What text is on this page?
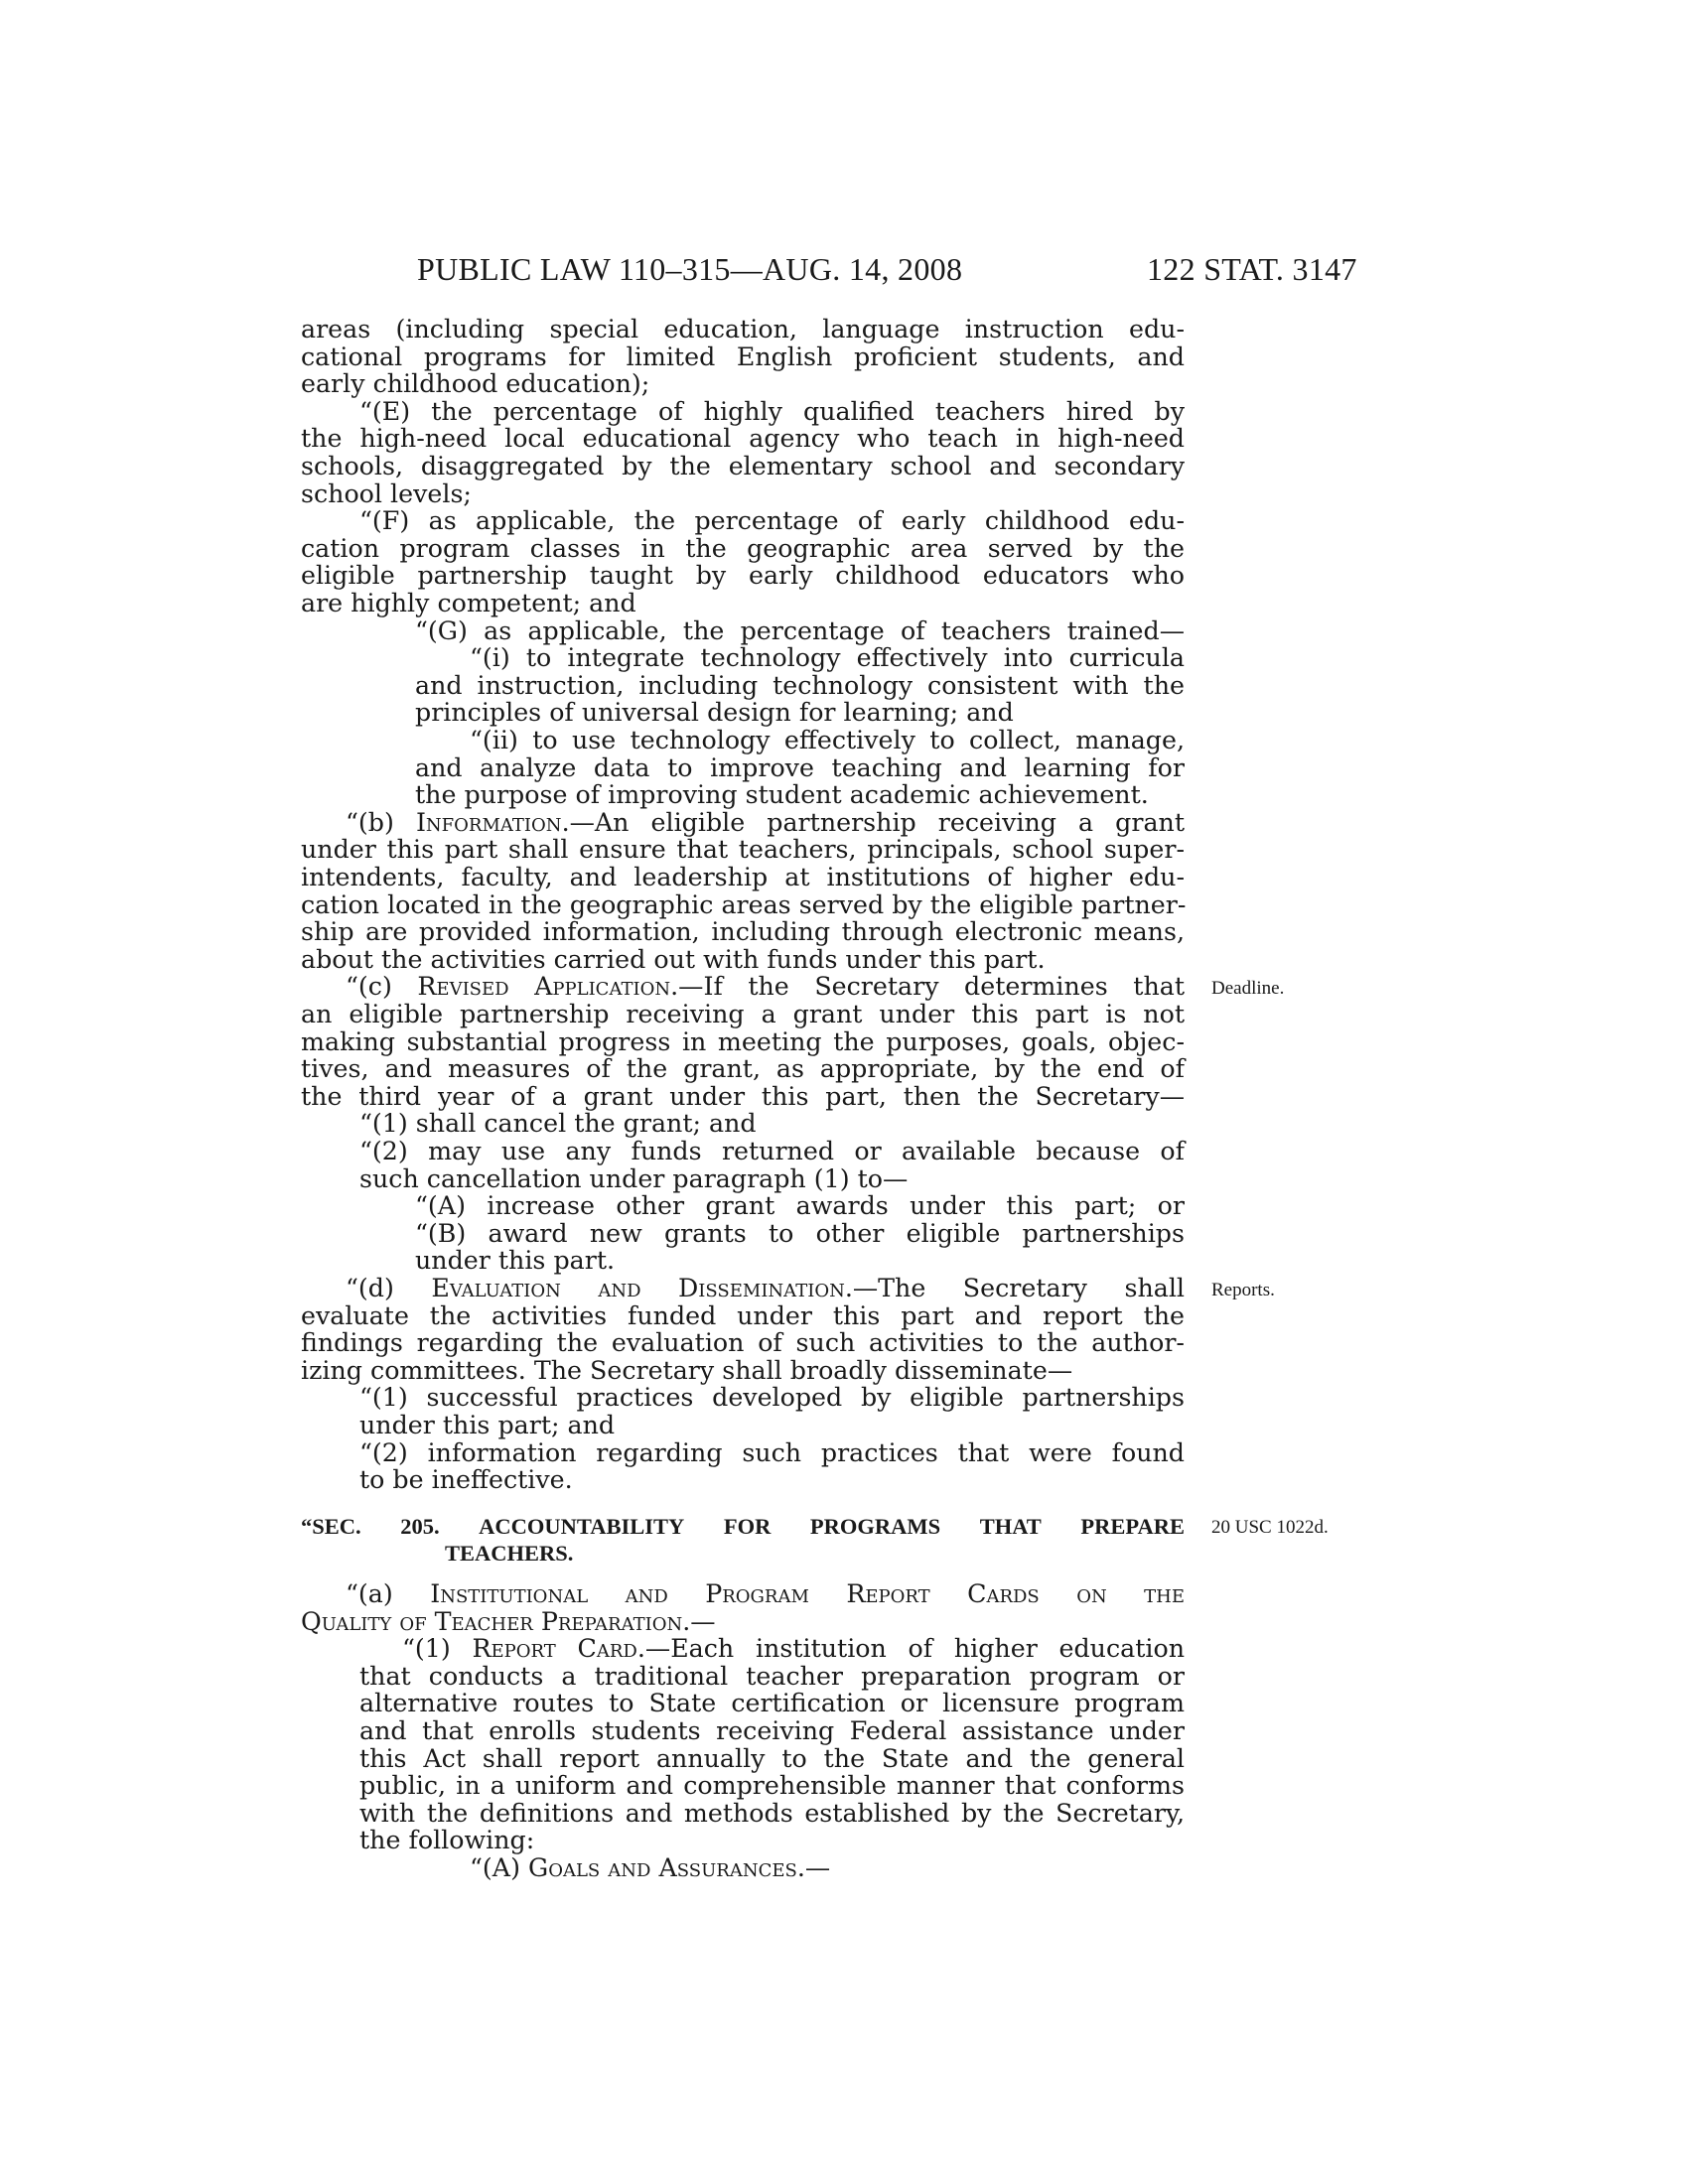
PUBLIC LAW 110–315—AUG. 14, 2008	122 STAT. 3147
areas (including special education, language instruction edu-
cational programs for limited English proficient students, and
early childhood education);
“(E) the percentage of highly qualified teachers hired by
the high-need local educational agency who teach in high-need
schools, disaggregated by the elementary school and secondary
school levels;
“(F) as applicable, the percentage of early childhood edu-
cation program classes in the geographic area served by the
eligible partnership taught by early childhood educators who
are highly competent; and
“(G) as applicable, the percentage of teachers trained—
“(i) to integrate technology effectively into curricula
and instruction, including technology consistent with the
principles of universal design for learning; and
“(ii) to use technology effectively to collect, manage,
and analyze data to improve teaching and learning for
the purpose of improving student academic achievement.
“(b) Information.—An eligible partnership receiving a grant
under this part shall ensure that teachers, principals, school super-
intendents, faculty, and leadership at institutions of higher edu-
cation located in the geographic areas served by the eligible partner-
ship are provided information, including through electronic means,
about the activities carried out with funds under this part.
“(c) Revised Application.—If the Secretary determines that Deadline.
an eligible partnership receiving a grant under this part is not
making substantial progress in meeting the purposes, goals, objec-
tives, and measures of the grant, as appropriate, by the end of
the third year of a grant under this part, then the Secretary—
“(1) shall cancel the grant; and
“(2) may use any funds returned or available because of
such cancellation under paragraph (1) to—
“(A) increase other grant awards under this part; or
“(B) award new grants to other eligible partnerships
under this part.
“(d) Evaluation and Dissemination.—The Secretary shall Reports.
evaluate the activities funded under this part and report the
findings regarding the evaluation of such activities to the author-
izing committees. The Secretary shall broadly disseminate—
“(1) successful practices developed by eligible partnerships
under this part; and
“(2) information regarding such practices that were found
to be ineffective.
“SEC. 205. ACCOUNTABILITY FOR PROGRAMS THAT PREPARE
TEACHERS.
20 USC 1022d.
“(a) Institutional and Program Report Cards on the
Quality of Teacher Preparation.—
“(1) Report Card.—Each institution of higher education
that conducts a traditional teacher preparation program or
alternative routes to State certification or licensure program
and that enrolls students receiving Federal assistance under
this Act shall report annually to the State and the general
public, in a uniform and comprehensible manner that conforms
with the definitions and methods established by the Secretary,
the following:
“(A) Goals and Assurances.—
